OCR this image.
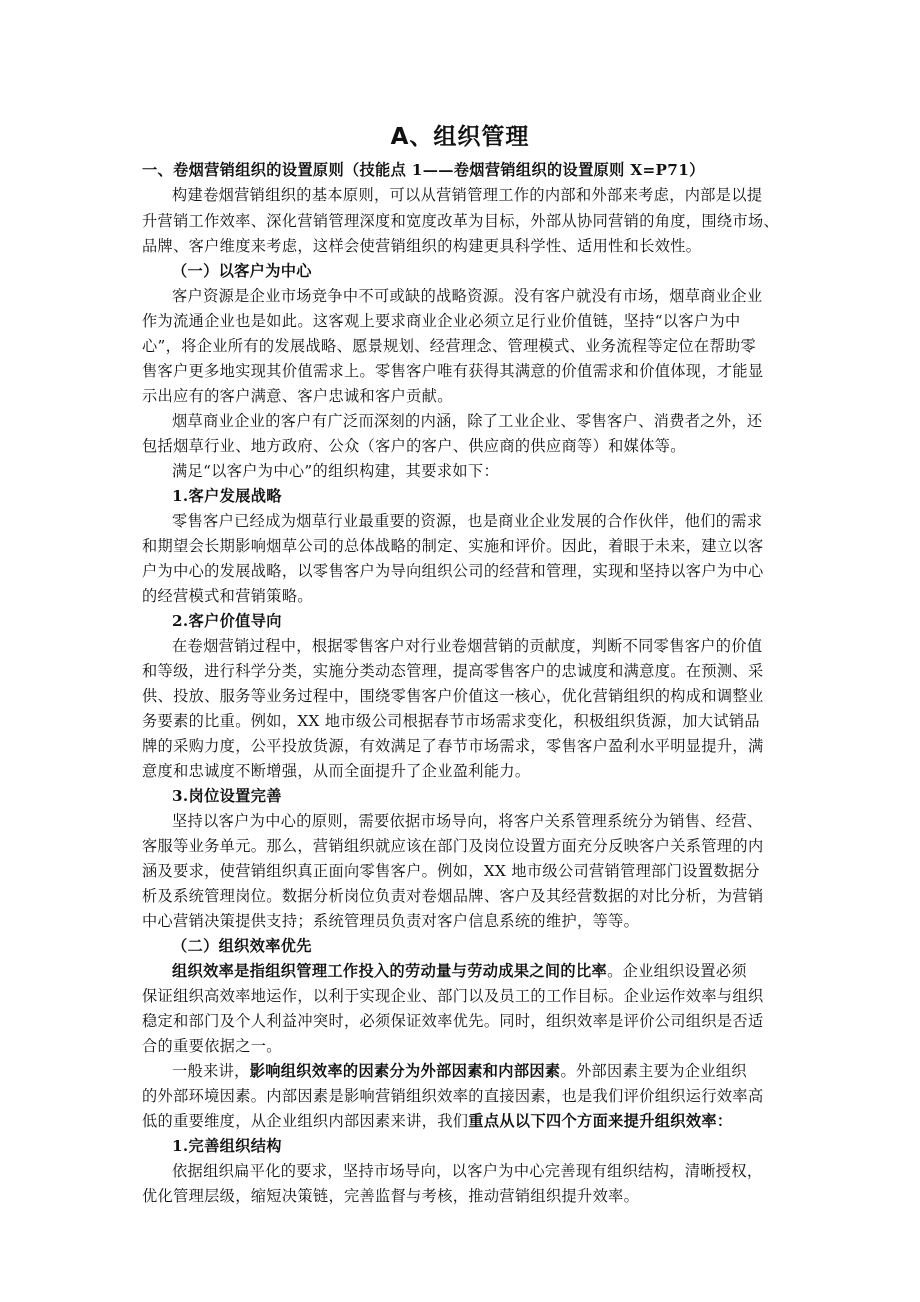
A、组织管理
一、卷烟营销组织的设置原则（技能点 1——卷烟营销组织的设置原则 X=P71）
构建卷烟营销组织的基本原则，可以从营销管理工作的内部和外部来考虑，内部是以提
升营销工作效率、深化营销管理深度和宽度改革为目标，外部从协同营销的角度，围绕市场、
品牌、客户维度来考虑，这样会使营销组织的构建更具科学性、适用性和长效性。
（一）以客户为中心
客户资源是企业市场竞争中不可或缺的战略资源。没有客户就没有市场，烟草商业企业
作为流通企业也是如此。这客观上要求商业企业必须立足行业价值链，坚持“以客户为中
心”，将企业所有的发展战略、愿景规划、经营理念、管理模式、业务流程等定位在帮助零
售客户更多地实现其价值需求上。零售客户唯有获得其满意的价值需求和价值体现，才能显
示出应有的客户满意、客户忠诚和客户贡献。
烟草商业企业的客户有广泛而深刻的内涵，除了工业企业、零售客户、消费者之外，还
包括烟草行业、地方政府、公众（客户的客户、供应商的供应商等）和媒体等。
满足“以客户为中心”的组织构建，其要求如下：
1.客户发展战略
零售客户已经成为烟草行业最重要的资源，也是商业企业发展的合作伙伴，他们的需求
和期望会长期影响烟草公司的总体战略的制定、实施和评价。因此，着眼于未来，建立以客
户为中心的发展战略，以零售客户为导向组织公司的经营和管理，实现和坚持以客户为中心
的经营模式和营销策略。
2.客户价值导向
在卷烟营销过程中，根据零售客户对行业卷烟营销的贡献度，判断不同零售客户的价值
和等级，进行科学分类，实施分类动态管理，提高零售客户的忠诚度和满意度。在预测、采
供、投放、服务等业务过程中，围绕零售客户价值这一核心，优化营销组织的构成和调整业
务要素的比重。例如，XX 地市级公司根据春节市场需求变化，积极组织货源，加大试销品
牌的采购力度，公平投放货源，有效满足了春节市场需求，零售客户盈利水平明显提升，满
意度和忠诚度不断增强，从而全面提升了企业盈利能力。
3.岗位设置完善
坚持以客户为中心的原则，需要依据市场导向，将客户关系管理系统分为销售、经营、
客服等业务单元。那么，营销组织就应该在部门及岗位设置方面充分反映客户关系管理的内
涵及要求，使营销组织真正面向零售客户。例如，XX 地市级公司营销管理部门设置数据分
析及系统管理岗位。数据分析岗位负责对卷烟品牌、客户及其经营数据的对比分析，为营销
中心营销决策提供支持；系统管理员负责对客户信息系统的维护，等等。
（二）组织效率优先
组织效率是指组织管理工作投入的劳动量与劳动成果之间的比率。企业组织设置必须
保证组织高效率地运作，以利于实现企业、部门以及员工的工作目标。企业运作效率与组织
稳定和部门及个人利益冲突时，必须保证效率优先。同时，组织效率是评价公司组织是否适
合的重要依据之一。
一般来讲，影响组织效率的因素分为外部因素和内部因素。外部因素主要为企业组织
的外部环境因素。内部因素是影响营销组织效率的直接因素，也是我们评价组织运行效率高
低的重要维度，从企业组织内部因素来讲，我们重点从以下四个方面来提升组织效率：
1.完善组织结构
依据组织扁平化的要求，坚持市场导向，以客户为中心完善现有组织结构，清晰授权，
优化管理层级，缩短决策链，完善监督与考核，推动营销组织提升效率。
